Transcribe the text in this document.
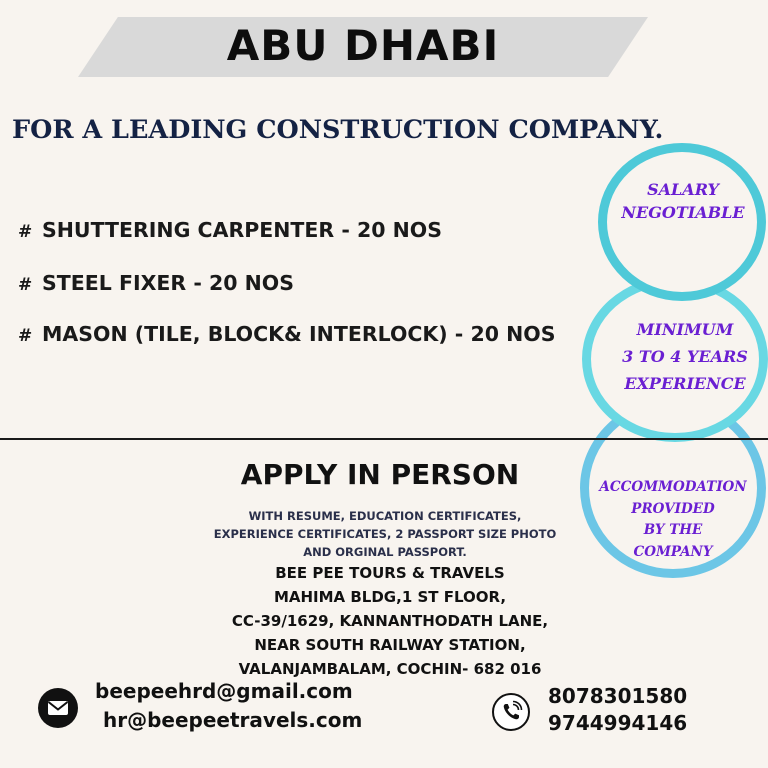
ABU DHABI
FOR A LEADING CONSTRUCTION COMPANY.
# SHUTTERING CARPENTER - 20 NOS
# STEEL FIXER - 20 NOS
# MASON (TILE, BLOCK& INTERLOCK) - 20 NOS
SALARY
NEGOTIABLE
MINIMUM
3 TO 4 YEARS
EXPERIENCE
ACCOMMODATION
PROVIDED
BY THE
COMPANY
APPLY IN PERSON
WITH RESUME, EDUCATION CERTIFICATES,
EXPERIENCE CERTIFICATES, 2 PASSPORT SIZE PHOTO
AND ORGINAL PASSPORT.
BEE PEE TOURS & TRAVELS
MAHIMA BLDG,1 ST FLOOR,
CC-39/1629, KANNANTHODATH LANE,
NEAR SOUTH RAILWAY STATION,
VALANJAMBALAM, COCHIN- 682 016
beepeehrd@gmail.com
hr@beepeetravels.com
8078301580
9744994146
